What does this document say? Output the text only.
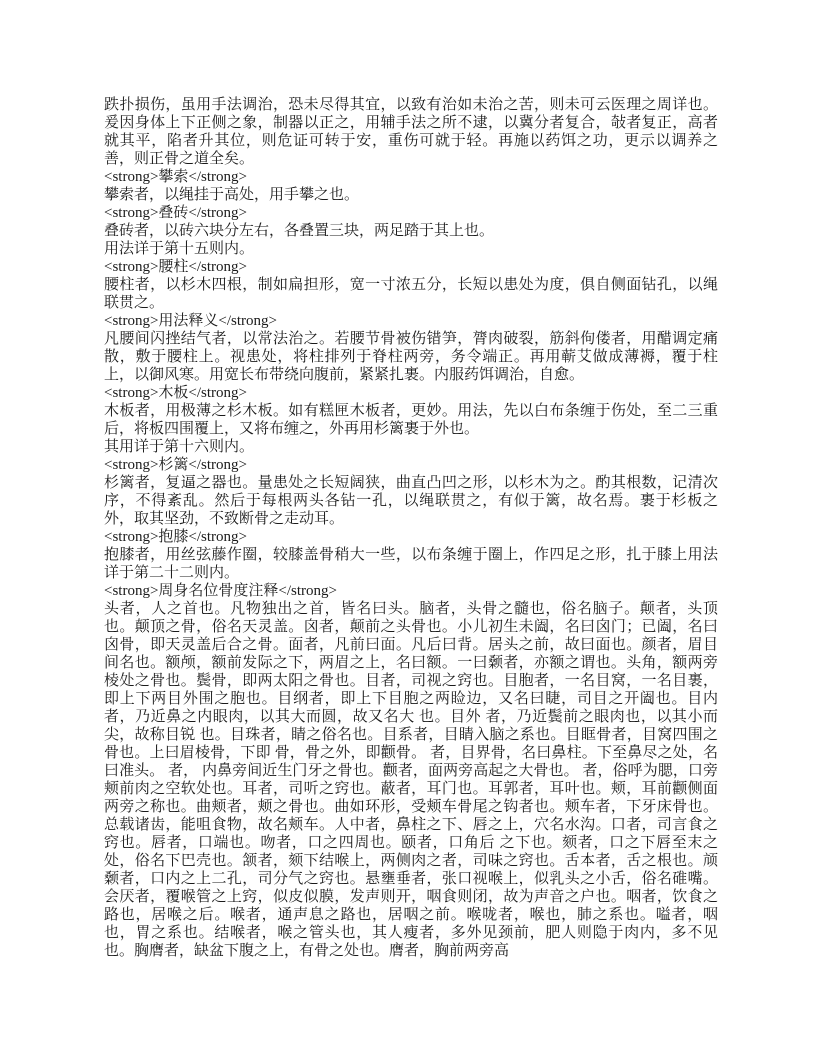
跌扑损伤，虽用手法调治，恐未尽得其宜，以致有治如未治之苦，则未可云医理之周详也。爰因身体上下正侧之象，制器以正之，用辅手法之所不逮，以冀分者复合，敧者复正，高者就其平，陷者升其位，则危证可转于安，重伤可就于轻。再施以药饵之功，更示以调养之善，则正骨之道全矣。

<strong>攀索</strong>

攀索者，以绳挂于高处，用手攀之也。

<strong>叠砖</strong>

叠砖者，以砖六块分左右，各叠置三块，两足踏于其上也。

用法详于第十五则内。

<strong>腰柱</strong>

腰柱者，以杉木四根，制如扁担形，宽一寸浓五分，长短以患处为度，俱自侧面钻孔，以绳联贯之。

<strong>用法释义</strong>

凡腰间闪挫结气者，以常法治之。若腰节骨被伤错笋，膂肉破裂，筋斜佝偻者，用醋调定痛散，敷于腰柱上。视患处，将柱排列于脊柱两旁，务令端正。再用蕲艾做成薄褥，覆于柱上，以御风寒。用宽长布带绕向腹前，紧紧扎裹。内服药饵调治，自愈。

<strong>木板</strong>

木板者，用极薄之杉木板。如有糕匣木板者，更妙。用法，先以白布条缠于伤处，至二三重后，将板四围覆上，又将布缠之，外再用杉篱裹于外也。

其用详于第十六则内。

<strong>杉篱</strong>

杉篱者，复逼之器也。量患处之长短阔狭，曲直凸凹之形，以杉木为之。酌其根数，记清次序，不得紊乱。然后于每根两头各钻一孔，以绳联贯之，有似于篱，故名焉。裹于杉板之外，取其坚劲，不致断骨之走动耳。

<strong>抱膝</strong>

抱膝者，用丝弦藤作圈，较膝盖骨稍大一些，以布条缠于圈上，作四足之形，扎于膝上用法详于第二十二则内。

<strong>周身名位骨度注释</strong>

头者，人之首也。凡物独出之首，皆名曰头。脑者，头骨之髓也，俗名脑子。颠者，头顶也。颠顶之骨，俗名天灵盖。囟者，颠前之头骨也。小儿初生未阖，名曰囟门；已阖，名曰囟骨，即天灵盖后合之骨。面者，凡前曰面。凡后曰背。居头之前，故曰面也。颜者，眉目间名也。额颅，额前发际之下，两眉之上，名曰额。一曰颡者，亦额之谓也。头角，额两旁棱处之骨也。鬓骨，即两太阳之骨也。目者，司视之窍也。目胞者，一名目窝，一名目裹，即上下两目外围之胞也。目纲者，即上下目胞之两睑边，又名曰睫，司目之开阖也。目内 者，乃近鼻之内眼肉，以其大而圆，故又名大 也。目外 者，乃近鬓前之眼肉也，以其小而尖，故称目锐 也。目珠者，睛之俗名也。目系者，目睛入脑之系也。目眶骨者，目窝四围之骨也。上曰眉棱骨，下即 骨，骨之外，即颧骨。 者，目界骨，名曰鼻柱。下至鼻尽之处，名曰准头。 者， 内鼻旁间近生门牙之骨也。颧者，面两旁高起之大骨也。 者，俗呼为腮，口旁颊前肉之空软处也。耳者，司听之窍也。蔽者，耳门也。耳郭者，耳叶也。颊，耳前颧侧面两旁之称也。曲颊者，颊之骨也。曲如环形，受颊车骨尾之钩者也。颊车者，下牙床骨也。总载诸齿，能咀食物，故名颊车。人中者，鼻柱之下、唇之上，穴名水沟。口者，司言食之窍也。唇者，口端也。吻者，口之四周也。颐者，口角后 之下也。颏者，口之下唇至末之处，俗名下巴壳也。颔者，颏下结喉上，两侧肉之者，司味之窍也。舌本者，舌之根也。颃颡者，口内之上二孔，司分气之窍也。悬壅垂者，张口视喉上，似乳头之小舌，俗名碓嘴。会厌者，覆喉管之上窍，似皮似膜，发声则开，咽食则闭，故为声音之户也。咽者，饮食之路也，居喉之后。喉者，通声息之路也，居咽之前。喉咙者，喉也，肺之系也。嗌者，咽也，胃之系也。结喉者，喉之管头也，其人瘦者，多外见颈前，肥人则隐于肉内，多不见也。胸膺者，缺盆下腹之上，有骨之处也。膺者，胸前两旁高
